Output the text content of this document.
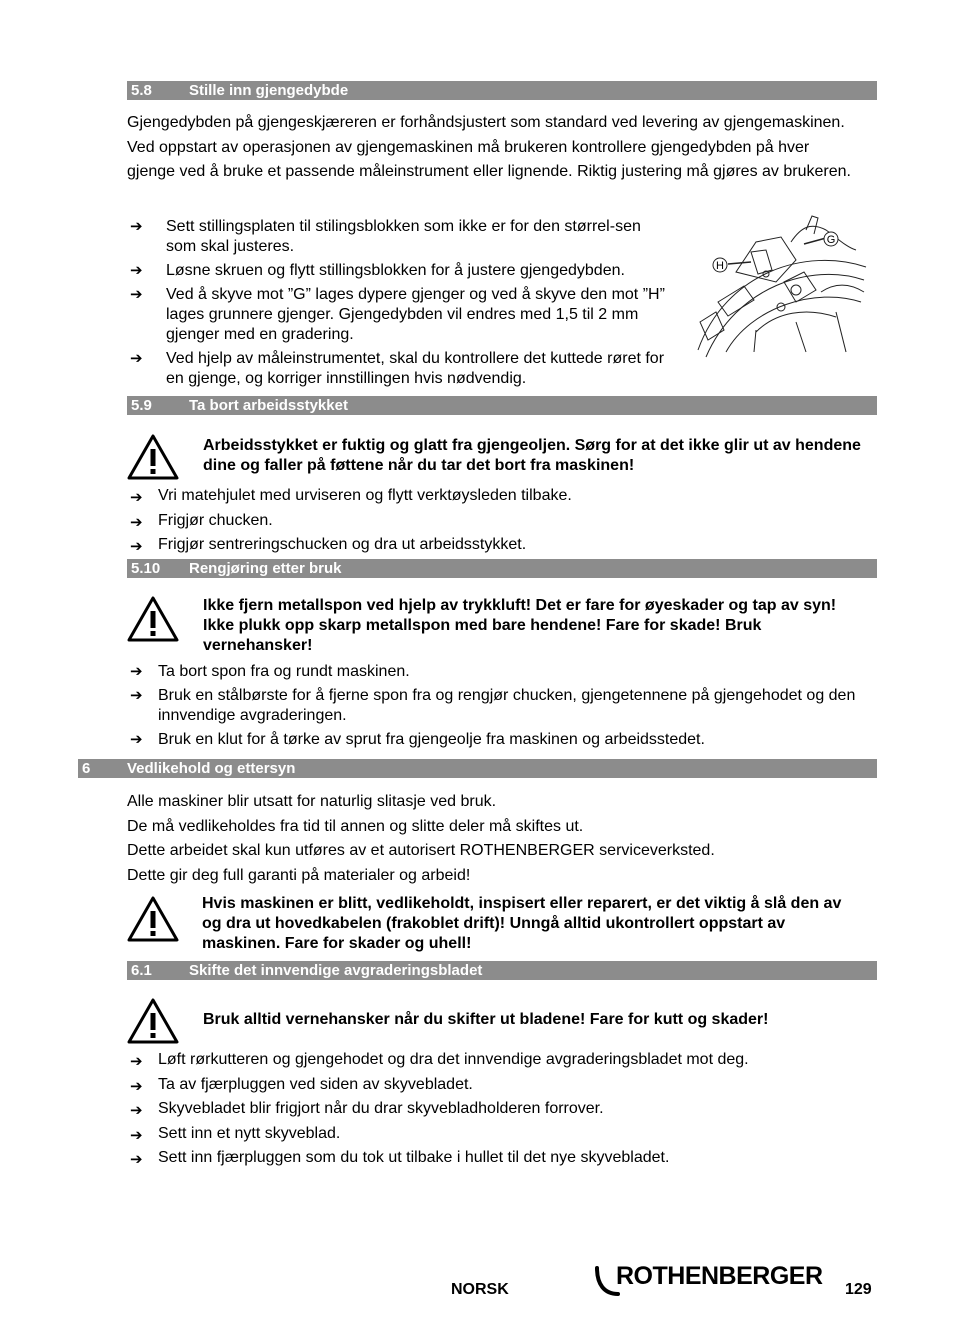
5.8 Stille inn gjengedybde

Gjengedybden på gjengeskjæreren er forhåndsjustert som standard ved levering av gjengemaskinen. Ved oppstart av operasjonen av gjengemaskinen må brukeren kontrollere gjengedybden på hver gjenge ved å bruke et passende måleinstrument eller lignende. Riktig justering må gjøres av brukeren.

➔ Sett stillingsplaten til stilingsblokken som ikke er for den størrel-sen som skal justeres.
➔ Løsne skruen og flytt stillingsblokken for å justere gjengedybden.
➔ Ved å skyve mot ”G” lages dypere gjenger og ved å skyve den mot ”H” lages grunnere gjenger. Gjengedybden vil endres med 1,5 til 2 mm gjenger med en gradering.
➔ Ved hjelp av måleinstrumentet, skal du kontrollere det kuttede røret for en gjenge, og korriger innstillingen hvis nødvendig.
H
G
5.9 Ta bort arbeidsstykket

Arbeidsstykket er fuktig og glatt fra gjengeoljen. Sørg for at det ikke glir ut av hendene dine og faller på føttene når du tar det bort fra maskinen!

➔ Vri matehjulet med urviseren og flytt verktøysleden tilbake.
➔ Frigjør chucken.
➔ Frigjør sentreringschucken og dra ut arbeidsstykket.
5.10 Rengjøring etter bruk

Ikke fjern metallspon ved hjelp av trykkluft! Det er fare for øyeskader og tap av syn! Ikke plukk opp skarp metallspon med bare hendene! Fare for skade! Bruk vernehansker!

➔ Ta bort spon fra og rundt maskinen.
➔ Bruk en stålbørste for å fjerne spon fra og rengjør chucken, gjengetennene på gjengehodet og den innvendige avgraderingen.
➔ Bruk en klut for å tørke av sprut fra gjengeolje fra maskinen og arbeidsstedet.
6 Vedlikehold og ettersyn
Alle maskiner blir utsatt for naturlig slitasje ved bruk.
De må vedlikeholdes fra tid til annen og slitte deler må skiftes ut.
Dette arbeidet skal kun utføres av et autorisert ROTHENBERGER serviceverksted.
Dette gir deg full garanti på materialer og arbeid!

Hvis maskinen er blitt, vedlikeholdt, inspisert eller reparert, er det viktig å slå den av og dra ut hovedkabelen (frakoblet drift)! Unngå alltid ukontrollert oppstart av maskinen. Fare for skader og uhell!

6.1 Skifte det innvendige avgraderingsbladet

Bruk alltid vernehansker når du skifter ut bladene! Fare for kutt og skader!

➔ Løft rørkutteren og gjengehodet og dra det innvendige avgraderingsbladet mot deg.
➔ Ta av fjærpluggen ved siden av skyvebladet.
➔ Skyvebladet blir frigjort når du drar skyvebladholderen forrover.
➔ Sett inn et nytt skyveblad.
➔ Sett inn fjærpluggen som du tok ut tilbake i hullet til det nye skyvebladet.
NORSK	ROTHENBERGER 129
